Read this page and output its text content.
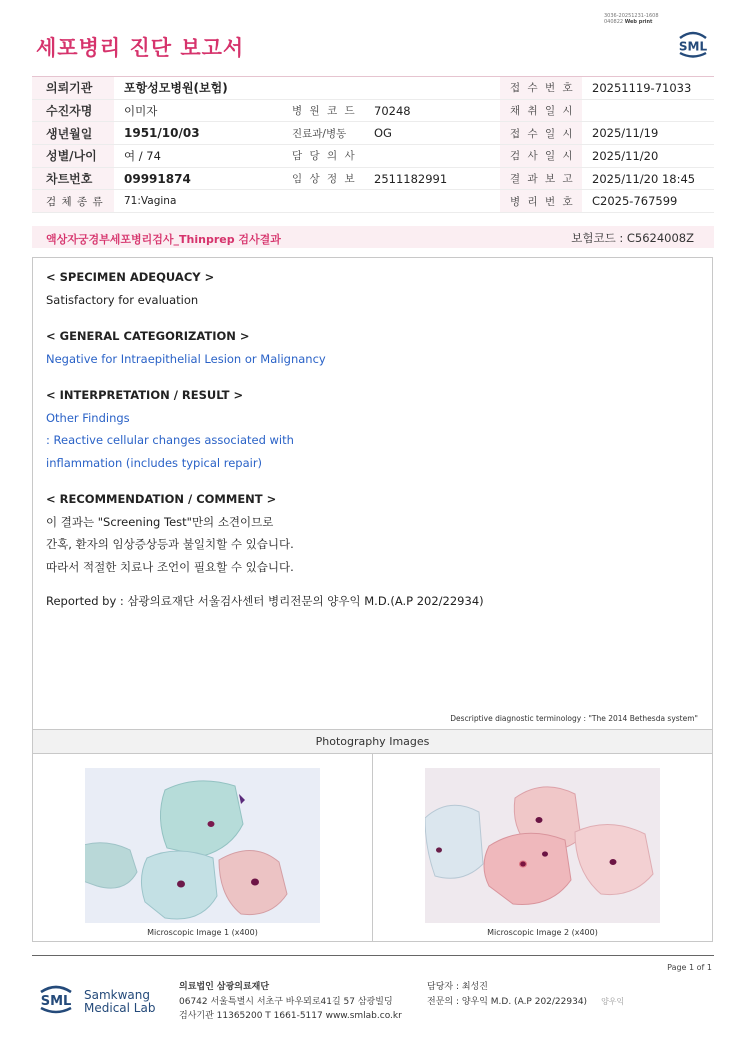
3036-20251231-1608
040822 Web print
세포병리 진단 보고서	SML
의뢰기관	포항성모병원(보험)			접 수 번 호	20251119-71033
수진자명	이미자	병 원 코 드	70248	채 취 일 시	
생년월일	1951/10/03	진료과/병동	OG	접 수 일 시	2025/11/19
성별/나이	여 / 74	담 당 의 사		검 사 일 시	2025/11/20
차트번호	09991874	임 상 정 보	2511182991	결 과 보 고	2025/11/20 18:45
검 체 종 류	71:Vagina			병 리 번 호	C2025-767599
액상자궁경부세포병리검사_Thinprep 검사결과	보험코드 : C5624008Z
< SPECIMEN ADEQUACY >
Satisfactory for evaluation
< GENERAL CATEGORIZATION >
Negative for Intraepithelial Lesion or Malignancy
< INTERPRETATION / RESULT >
Other Findings
: Reactive cellular changes associated with
inflammation (includes typical repair)
< RECOMMENDATION / COMMENT >
이 결과는 "Screening Test"만의 소견이므로
간혹, 환자의 임상증상등과 불일치할 수 있습니다.
따라서 적절한 치료나 조언이 필요할 수 있습니다.
Reported by : 삼광의료재단 서울검사센터 병리전문의 양우익 M.D.(A.P 202/22934)
Descriptive diagnostic terminology : "The 2014 Bethesda system"
Photography Images
Microscopic Image 1 (x400)	Microscopic Image 2 (x400)
Page 1 of 1
SML Samkwang
Medical Lab
의료법인 삼광의료재단
06742 서울특별시 서초구 바우뫼로41길 57 삼광빌딩
검사기관 11365200 T 1661-5117 www.smlab.co.kr
담당자 : 최성진
전문의 : 양우익 M.D. (A.P 202/22934) 양우익
